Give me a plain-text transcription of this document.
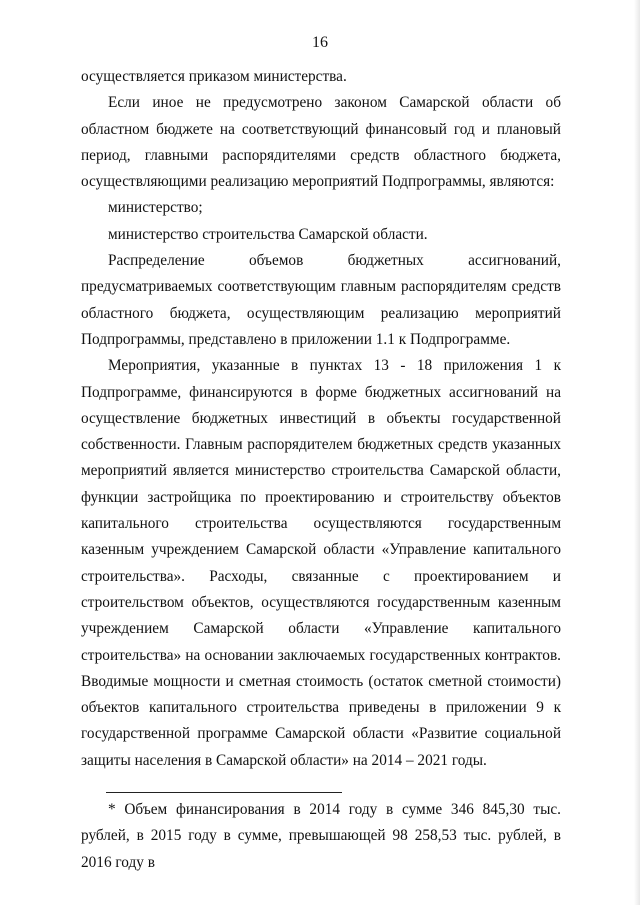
16

осуществляется приказом министерства.

Если иное не предусмотрено законом Самарской области об областном бюджете на соответствующий финансовый год и плановый период, главными распорядителями средств областного бюджета, осуществляющими реализацию мероприятий Подпрограммы, являются:

министерство;

министерство строительства Самарской области.

Распределение объемов бюджетных ассигнований, предусматриваемых соответствующим главным распорядителям средств областного бюджета, осуществляющим реализацию мероприятий Подпрограммы, представлено в приложении 1.1 к Подпрограмме.

Мероприятия, указанные в пунктах 13 - 18 приложения 1 к Подпрограмме, финансируются в форме бюджетных ассигнований на осуществление бюджетных инвестиций в объекты государственной собственности. Главным распорядителем бюджетных средств указанных мероприятий является министерство строительства Самарской области, функции застройщика по проектированию и строительству объектов капитального строительства осуществляются государственным казенным учреждением Самарской области «Управление капитального строительства». Расходы, связанные с проектированием и строительством объектов, осуществляются государственным казенным учреждением Самарской области «Управление капитального строительства» на основании заключаемых государственных контрактов. Вводимые мощности и сметная стоимость (остаток сметной стоимости) объектов капитального строительства приведены в приложении 9 к государственной программе Самарской области «Развитие социальной защиты населения в Самарской области» на 2014 – 2021 годы.

* Объем финансирования в 2014 году в сумме 346 845,30 тыс. рублей, в 2015 году в сумме, превышающей 98 258,53 тыс. рублей, в 2016 году в
